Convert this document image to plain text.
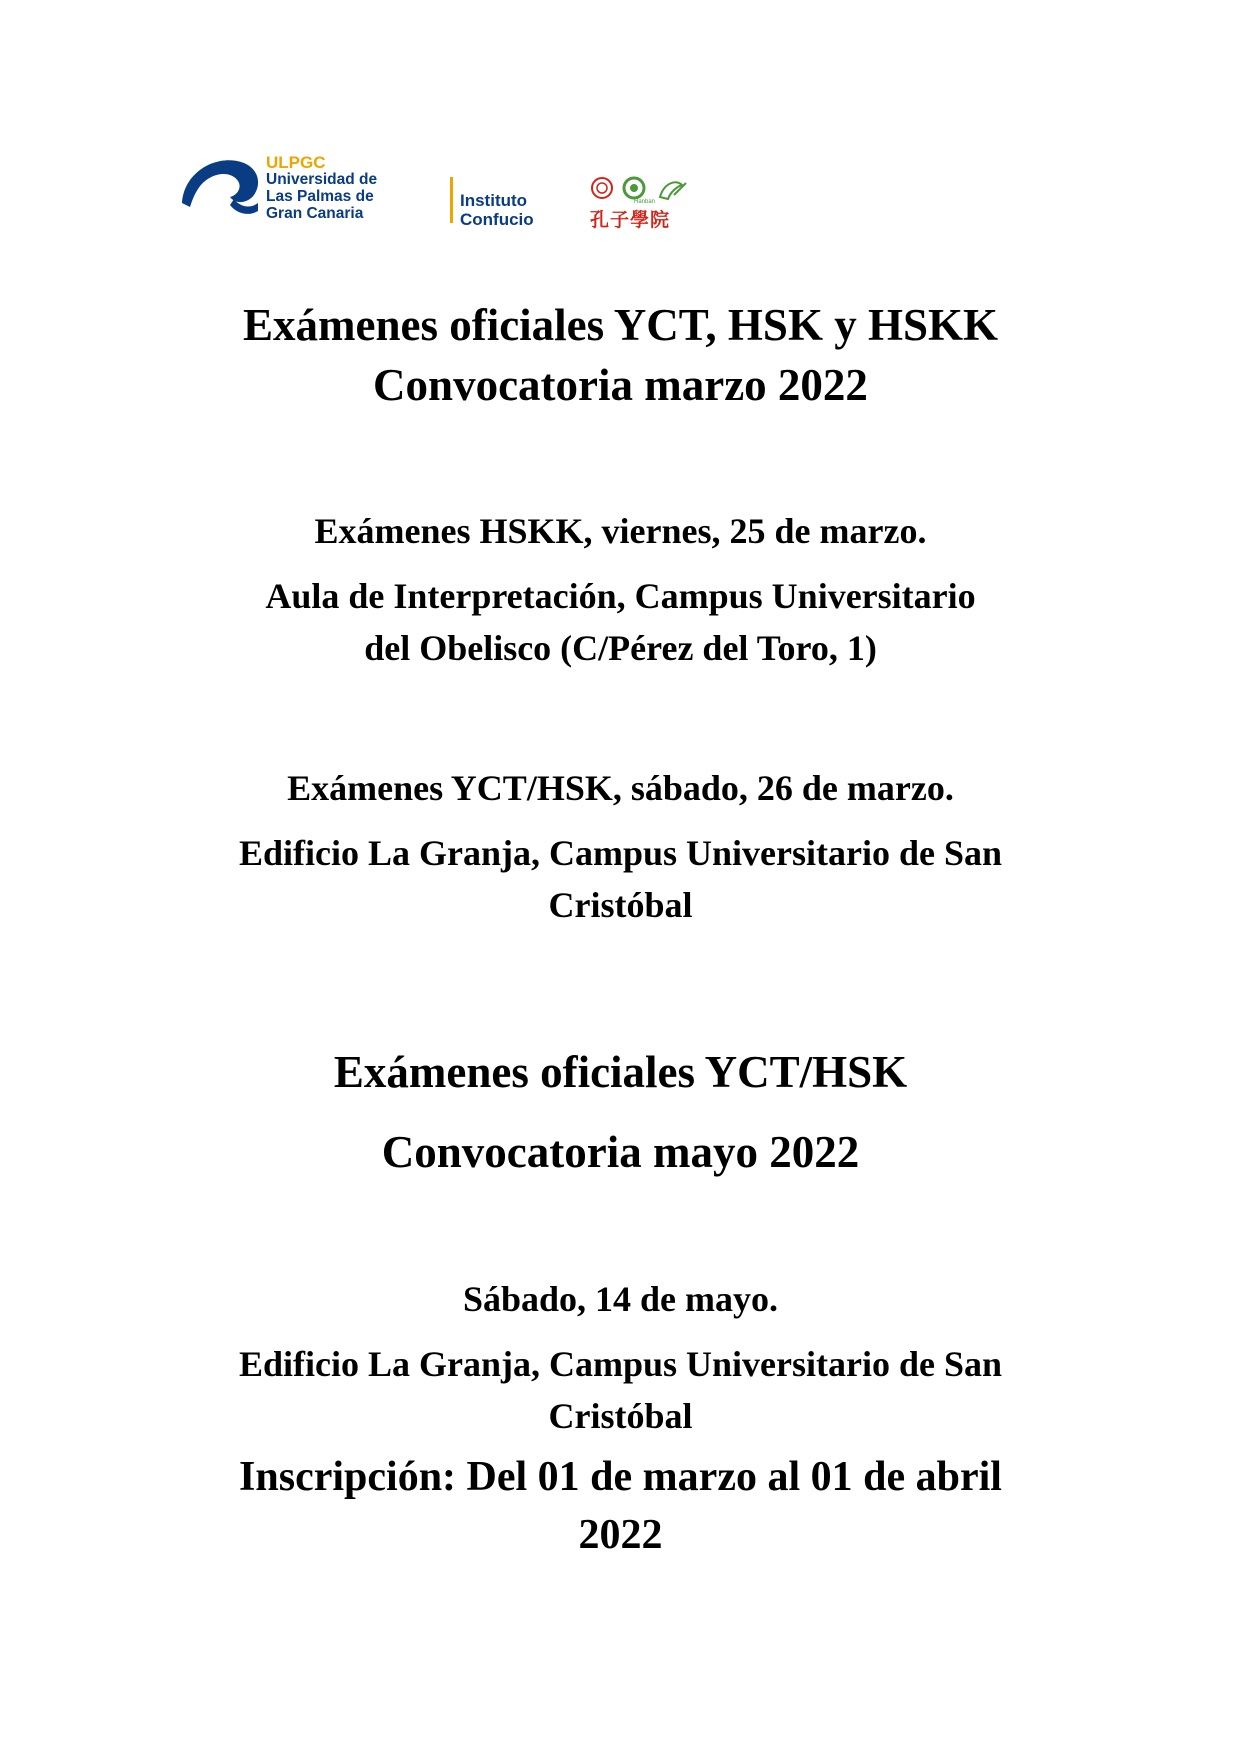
ULPGC
Universidad de
Las Palmas de
Gran Canaria
Instituto
Confucio
Hanban
孔子學院
Exámenes oficiales YCT, HSK y HSKK
Convocatoria marzo 2022
Exámenes HSKK, viernes, 25 de marzo.
Aula de Interpretación, Campus Universitario
del Obelisco (C/Pérez del Toro, 1)
Exámenes YCT/HSK, sábado, 26 de marzo.
Edificio La Granja, Campus Universitario de San
Cristóbal
Exámenes oficiales YCT/HSK
Convocatoria mayo 2022
Sábado, 14 de mayo.
Edificio La Granja, Campus Universitario de San
Cristóbal
Inscripción: Del 01 de marzo al 01 de abril
2022
